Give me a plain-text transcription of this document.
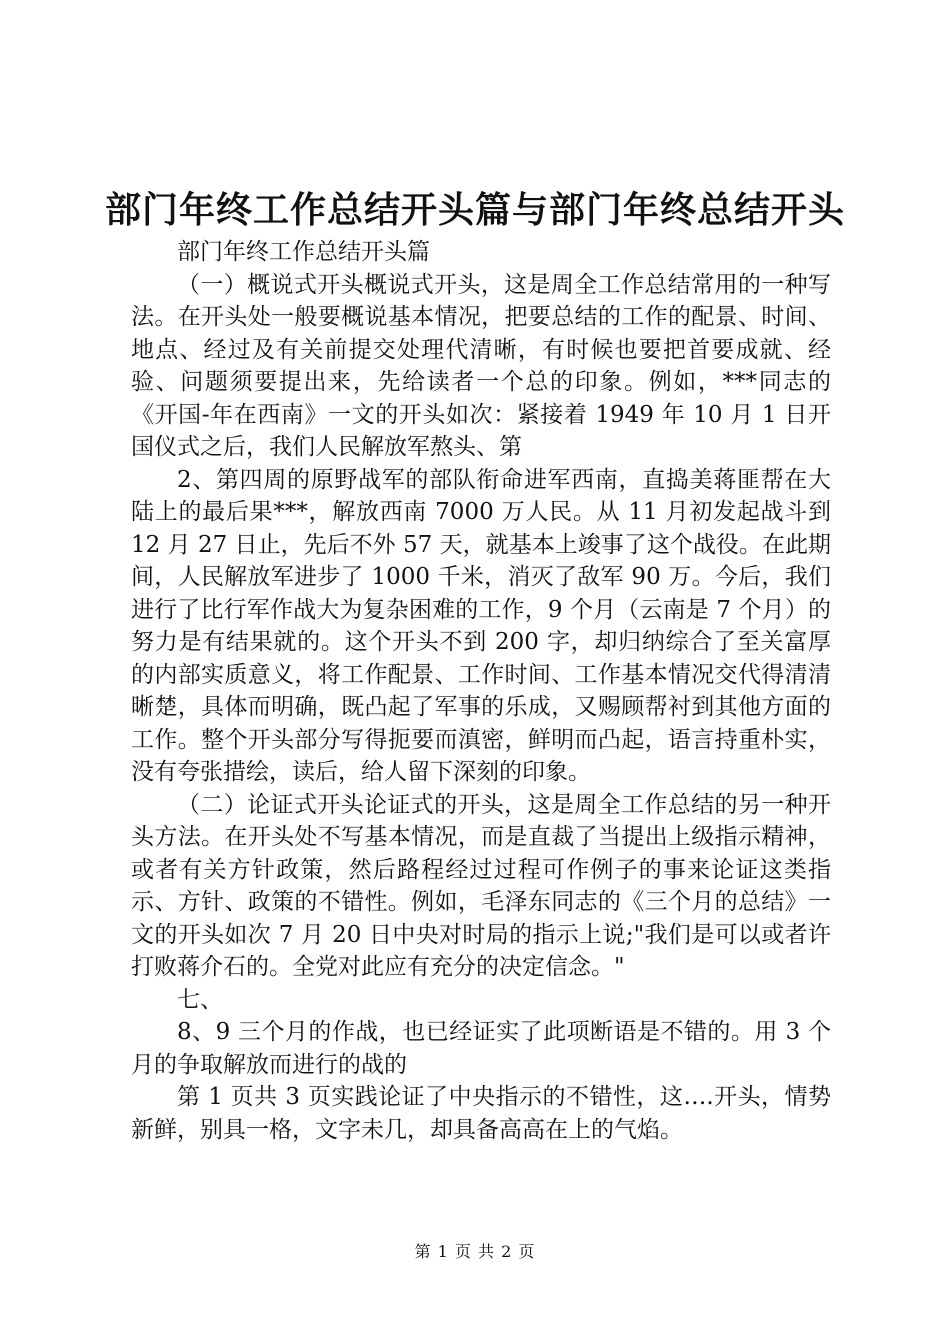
部门年终工作总结开头篇与部门年终总结开头

部门年终工作总结开头篇

（一）概说式开头概说式开头，这是周全工作总结常用的一种写法。在开头处一般要概说基本情况，把要总结的工作的配景、时间、地点、经过及有关前提交处理代清晰，有时候也要把首要成就、经验、问题须要提出来，先给读者一个总的印象。例如，***同志的《开国-年在西南》一文的开头如次：紧接着 1949 年 10 月 1 日开国仪式之后，我们人民解放军熬头、第

2、第四周的原野战军的部队衔命进军西南，直捣美蒋匪帮在大陆上的最后果***，解放西南 7000 万人民。从 11 月初发起战斗到 12 月 27 日止，先后不外 57 天，就基本上竣事了这个战役。在此期间，人民解放军进步了 1000 千米，消灭了敌军 90 万。今后，我们进行了比行军作战大为复杂困难的工作，9 个月（云南是 7 个月）的努力是有结果就的。这个开头不到 200 字，却归纳综合了至关富厚的内部实质意义，将工作配景、工作时间、工作基本情况交代得清清晰楚，具体而明确，既凸起了军事的乐成，又赐顾帮衬到其他方面的工作。整个开头部分写得扼要而滇密，鲜明而凸起，语言持重朴实，没有夸张措绘，读后，给人留下深刻的印象。

（二）论证式开头论证式的开头，这是周全工作总结的另一种开头方法。在开头处不写基本情况，而是直裁了当提出上级指示精神，或者有关方针政策，然后路程经过过程可作例子的事来论证这类指示、方针、政策的不错性。例如，毛泽东同志的《三个月的总结》一文的开头如次 7 月 20 日中央对时局的指示上说;"我们是可以或者许打败蒋介石的。全党对此应有充分的决定信念。"

七、

8、9 三个月的作战，也已经证实了此项断语是不错的。用 3 个月的争取解放而进行的战的

第 1 页共 3 页实践论证了中央指示的不错性，这….开头，情势新鲜，别具一格，文字未几，却具备高高在上的气焰。

第 1 页 共 2 页
